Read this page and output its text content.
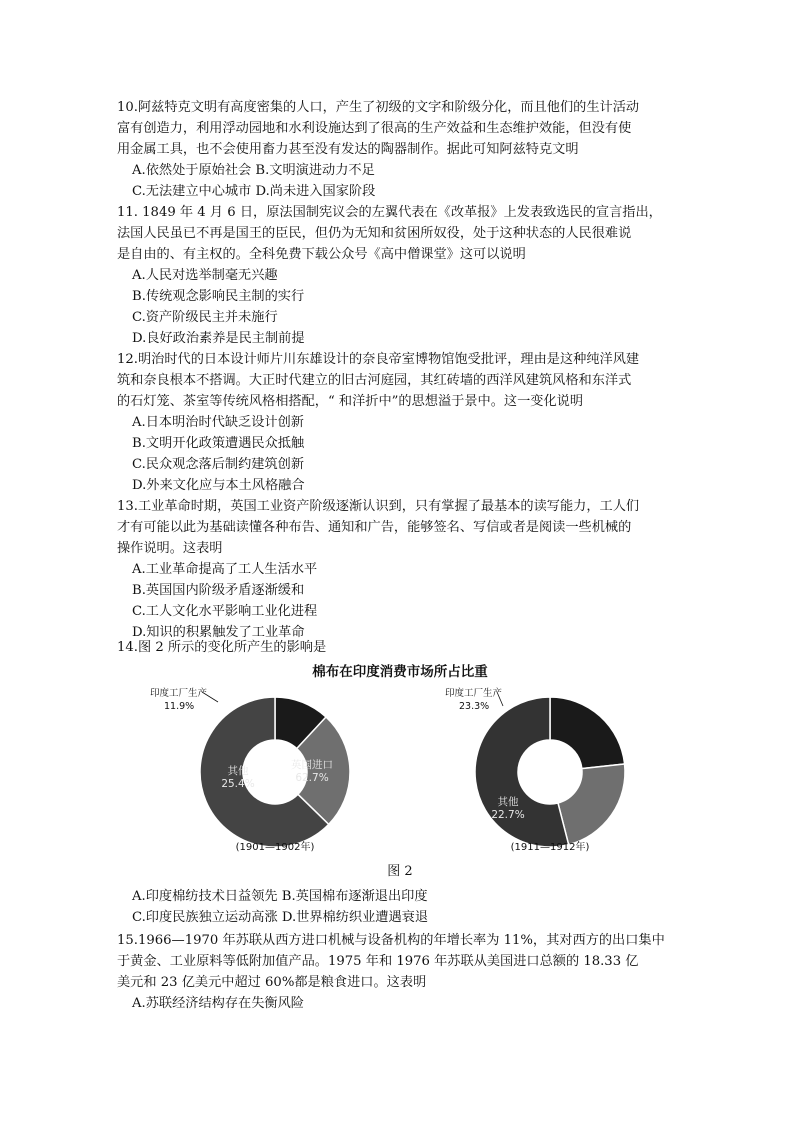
10.阿兹特克文明有高度密集的人口，产生了初级的文字和阶级分化，而且他们的生计活动
富有创造力，利用浮动园地和水利设施达到了很高的生产效益和生态维护效能，但没有使
用金属工具，也不会使用畜力甚至没有发达的陶器制作。据此可知阿兹特克文明
A.依然处于原始社会 B.文明演进动力不足
C.无法建立中心城市 D.尚未进入国家阶段
11. 1849 年 4 月 6 日，原法国制宪议会的左翼代表在《改革报》上发表致选民的宣言指出，
法国人民虽已不再是国王的臣民，但仍为无知和贫困所奴役，处于这种状态的人民很难说
是自由的、有主权的。全科免费下载公众号《高中僧课堂》这可以说明
A.人民对选举制毫无兴趣
B.传统观念影响民主制的实行
C.资产阶级民主并未施行
D.良好政治素养是民主制前提
12.明治时代的日本设计师片川东雄设计的奈良帝室博物馆饱受批评，理由是这种纯洋风建
筑和奈良根本不搭调。大正时代建立的旧古河庭园，其红砖墙的西洋风建筑风格和东洋式
的石灯笼、茶室等传统风格相搭配，“ 和洋折中”的思想溢于景中。这一变化说明
A.日本明治时代缺乏设计创新
B.文明开化政策遭遇民众抵触
C.民众观念落后制约建筑创新
D.外来文化应与本土风格融合
13.工业革命时期，英国工业资产阶级逐渐认识到，只有掌握了最基本的读写能力，工人们
才有可能以此为基础读懂各种布告、通知和广告，能够签名、写信或者是阅读一些机械的
操作说明。这表明
A.工业革命提高了工人生活水平
B.英国国内阶级矛盾逐渐缓和
C.工人文化水平影响工业化进程
D.知识的积累触发了工业革命
14.图 2 所示的变化所产生的影响是
棉布在印度消费市场所占比重
印度工厂生产
11.9%
其他
25.4%
英国进口
62.7%
(1901—1902年)
印度工厂生产
23.3%
其他
22.7%
(1911—1912年)
图 2
A.印度棉纺技术日益领先 B.英国棉布逐渐退出印度
C.印度民族独立运动高涨 D.世界棉纺织业遭遇衰退
15.1966—1970 年苏联从西方进口机械与设备机构的年增长率为 11%，其对西方的出口集中
于黄金、工业原料等低附加值产品。1975 年和 1976 年苏联从美国进口总额的 18.33 亿
美元和 23 亿美元中超过 60%都是粮食进口。这表明
A.苏联经济结构存在失衡风险
